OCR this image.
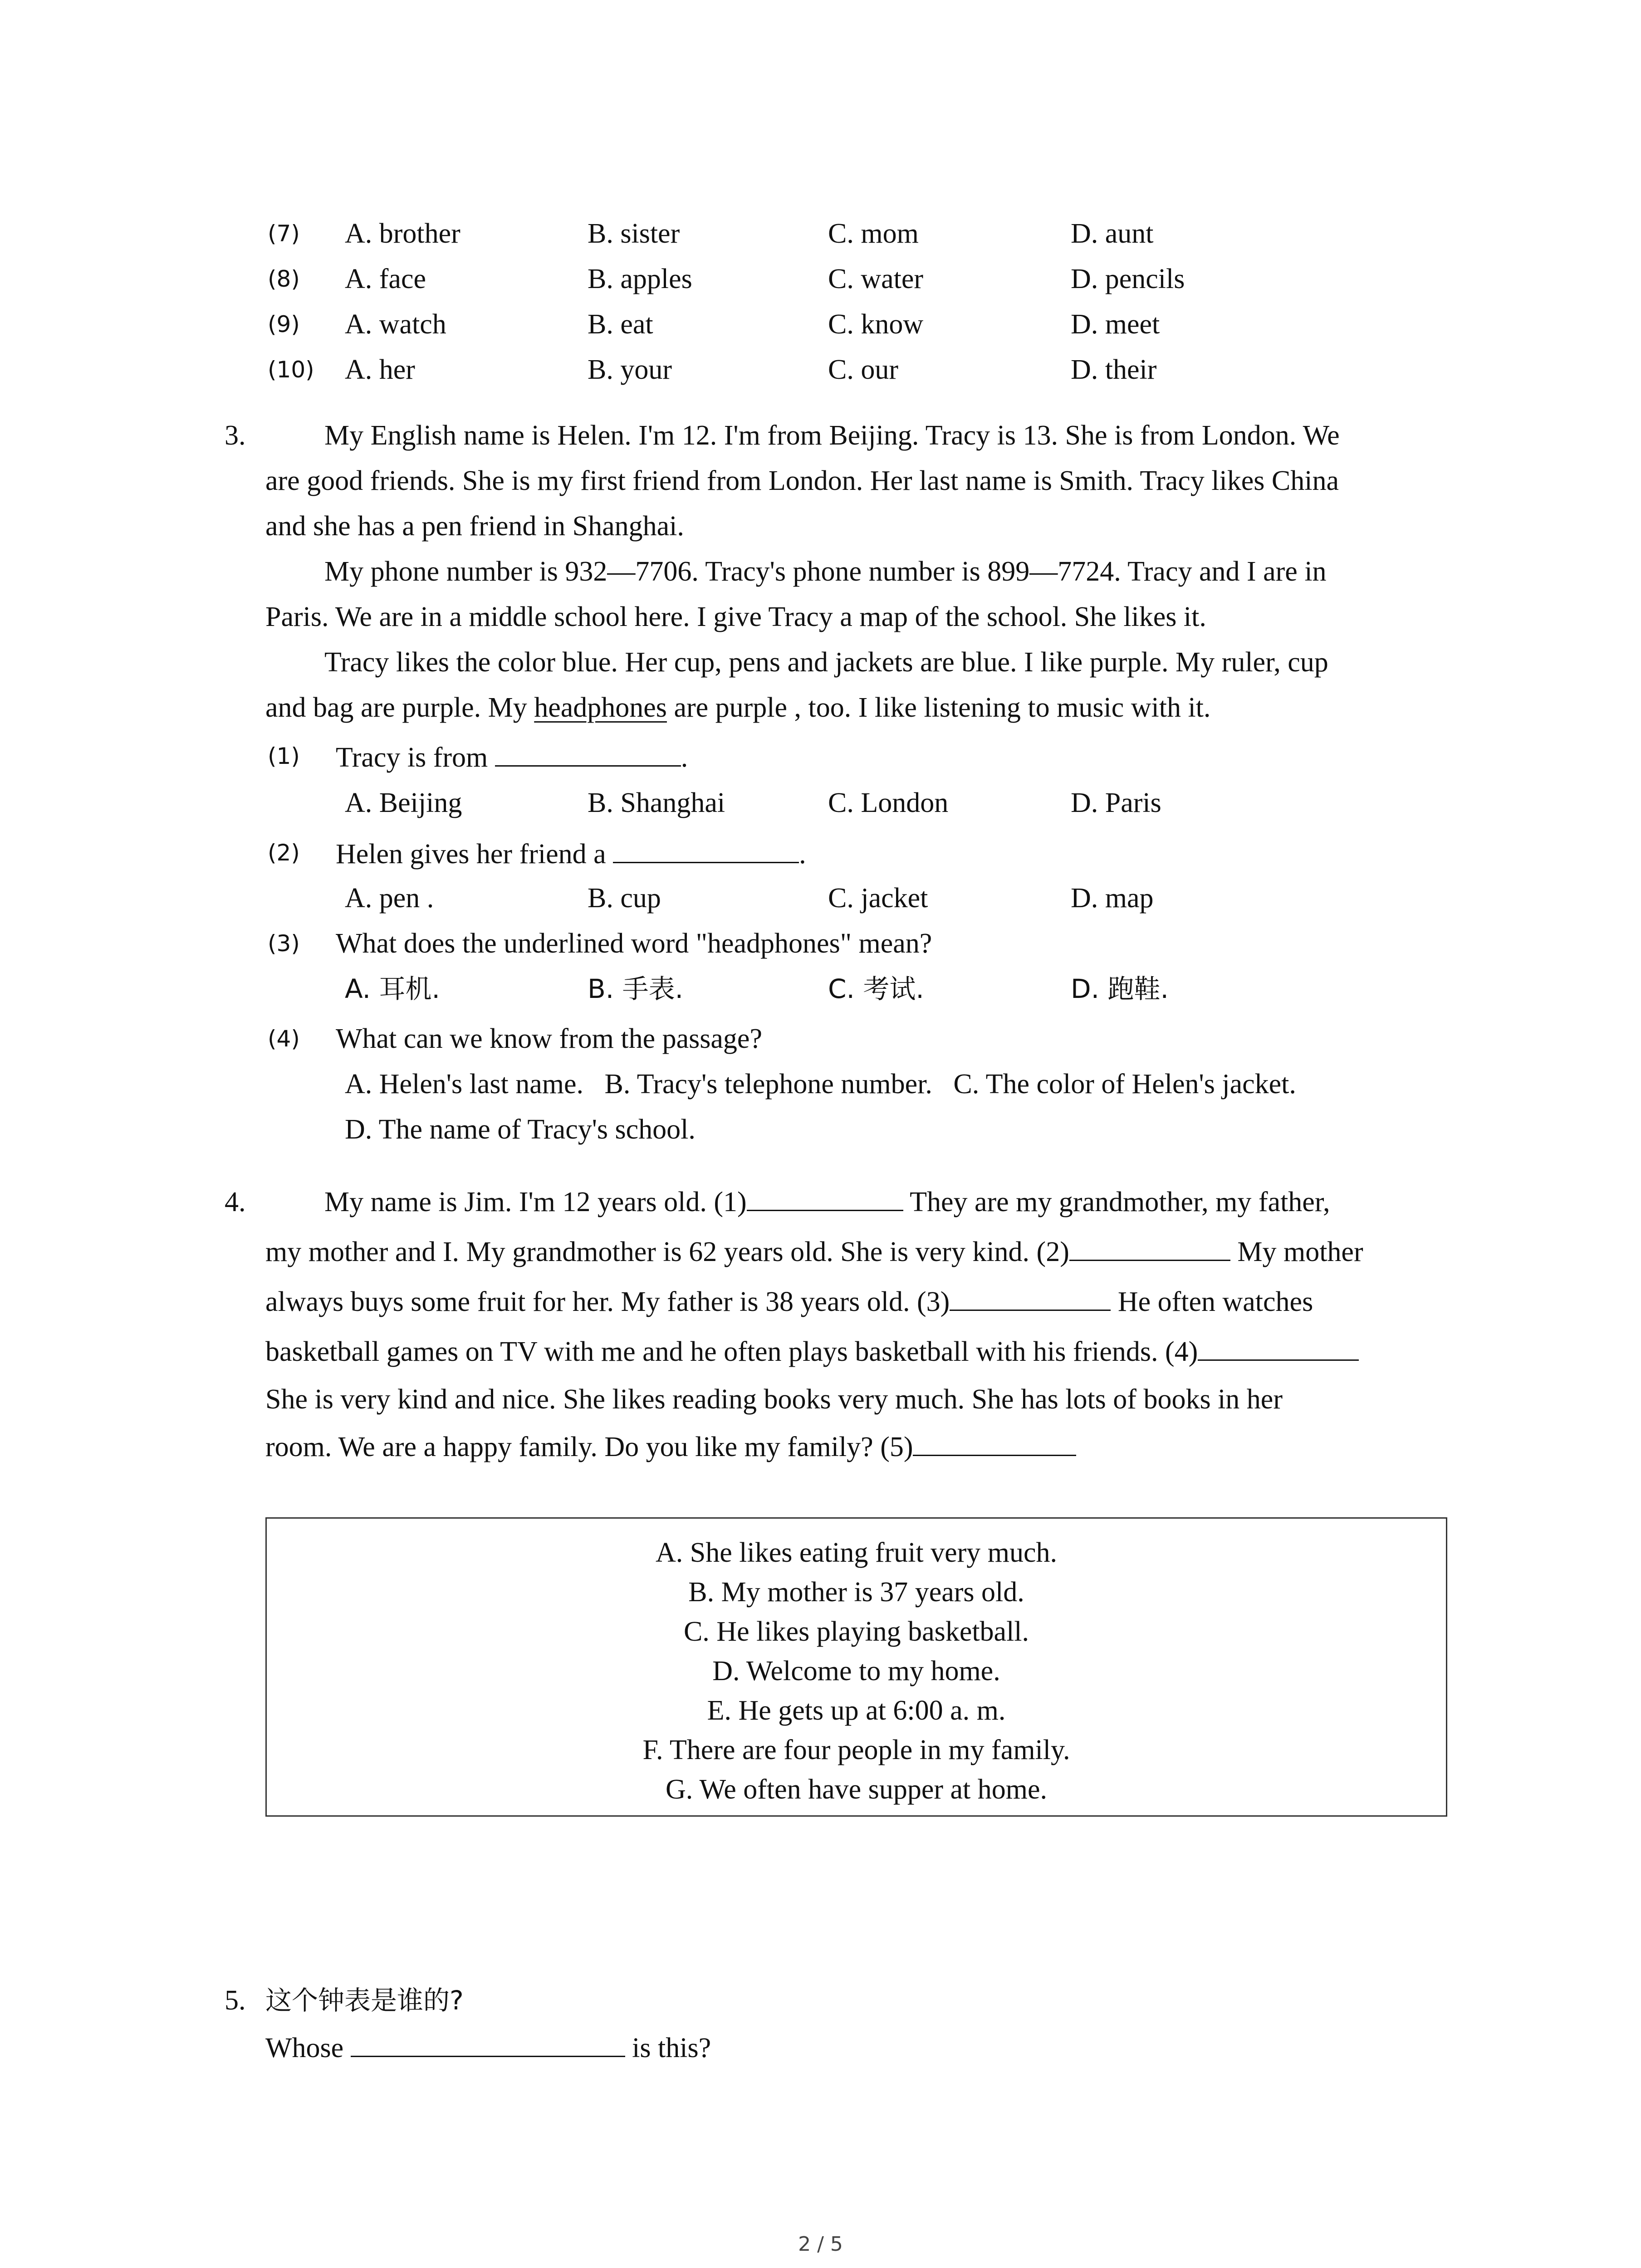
(7) A. brother	B. sister	C. mom	D. aunt
(8) A. face	B. apples	C. water	D. pencils
(9) A. watch	B. eat	C. know	D. meet
(10) A. her	B. your	C. our	D. their
3.	My English name is Helen. I'm 12. I'm from Beijing. Tracy is 13. She is from London. We
are good friends. She is my first friend from London. Her last name is Smith. Tracy likes China
and she has a pen friend in Shanghai.
My phone number is 932—7706. Tracy's phone number is 899—7724. Tracy and I are in
Paris. We are in a middle school here. I give Tracy a map of the school. She likes it.
Tracy likes the color blue. Her cup, pens and jackets are blue. I like purple. My ruler, cup
and bag are purple. My headphones are purple , too. I like listening to music with it.
(1) Tracy is from	.
A. Beijing	B. Shanghai	C. London	D. Paris
(2) Helen gives her friend a	.
A. pen .	B. cup	C. jacket	D. map
(3) What does the underlined word "headphones" mean?
A. 耳机.	B. 手表.	C. 考试.	D. 跑鞋.
(4) What can we know from the passage?
A. Helen's last name.   B. Tracy's telephone number.   C. The color of Helen's jacket.
D. The name of Tracy's school.
4.	My name is Jim. I'm 12 years old. (1)	They are my grandmother, my father,
my mother and I. My grandmother is 62 years old. She is very kind. (2)	My mother
always buys some fruit for her. My father is 38 years old. (3)	He often watches
basketball games on TV with me and he often plays basketball with his friends. (4)
She is very kind and nice. She likes reading books very much. She has lots of books in her
room. We are a happy family. Do you like my family? (5)
A. She likes eating fruit very much.
B. My mother is 37 years old.
C. He likes playing basketball.
D. Welcome to my home.
E. He gets up at 6:00 a. m.
F. There are four people in my family.
G. We often have supper at home.
5. 这个钟表是谁的?
Whose	is this?
2 / 5
